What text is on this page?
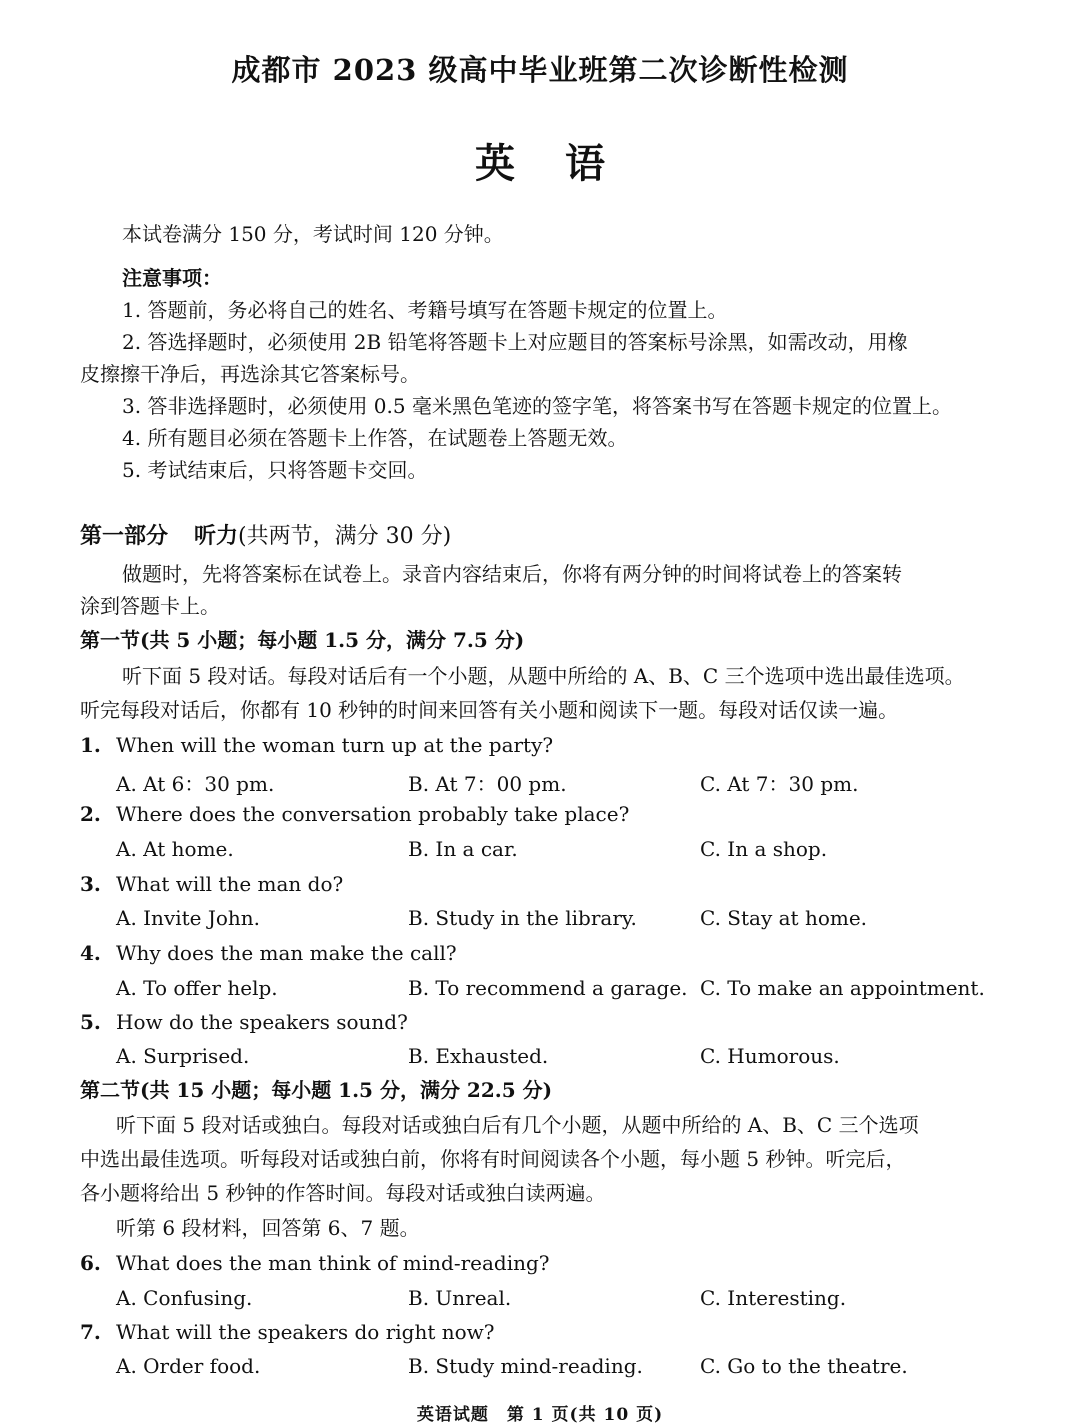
成都市 2023 级高中毕业班第二次诊断性检测
英语
本试卷满分 150 分，考试时间 120 分钟。
注意事项：
1. 答题前，务必将自己的姓名、考籍号填写在答题卡规定的位置上。
2. 答选择题时，必须使用 2B 铅笔将答题卡上对应题目的答案标号涂黑，如需改动，用橡
皮擦擦干净后，再选涂其它答案标号。
3. 答非选择题时，必须使用 0.5 毫米黑色笔迹的签字笔，将答案书写在答题卡规定的位置上。
4. 所有题目必须在答题卡上作答，在试题卷上答题无效。
5. 考试结束后，只将答题卡交回。
第一部分 听力(共两节，满分 30 分)
做题时，先将答案标在试卷上。录音内容结束后，你将有两分钟的时间将试卷上的答案转
涂到答题卡上。
第一节(共 5 小题；每小题 1.5 分，满分 7.5 分)
听下面 5 段对话。每段对话后有一个小题，从题中所给的 A、B、C 三个选项中选出最佳选项。
听完每段对话后，你都有 10 秒钟的时间来回答有关小题和阅读下一题。每段对话仅读一遍。
1. When will the woman turn up at the party?
A. At 6：30 pm.	B. At 7：00 pm.	C. At 7：30 pm.
2. Where does the conversation probably take place?
A. At home.	B. In a car.	C. In a shop.
3. What will the man do?
A. Invite John.	B. Study in the library.	C. Stay at home.
4. Why does the man make the call?
A. To offer help.	B. To recommend a garage. C. To make an appointment.
5. How do the speakers sound?
A. Surprised.	B. Exhausted.	C. Humorous.
第二节(共 15 小题；每小题 1.5 分，满分 22.5 分)
听下面 5 段对话或独白。每段对话或独白后有几个小题，从题中所给的 A、B、C 三个选项
中选出最佳选项。听每段对话或独白前，你将有时间阅读各个小题，每小题 5 秒钟。听完后，
各小题将给出 5 秒钟的作答时间。每段对话或独白读两遍。
听第 6 段材料，回答第 6、7 题。
6. What does the man think of mind-reading?
A. Confusing.	B. Unreal.	C. Interesting.
7. What will the speakers do right now?
A. Order food.	B. Study mind-reading.	C. Go to the theatre.
英语试题　第 1 页(共 10 页)
